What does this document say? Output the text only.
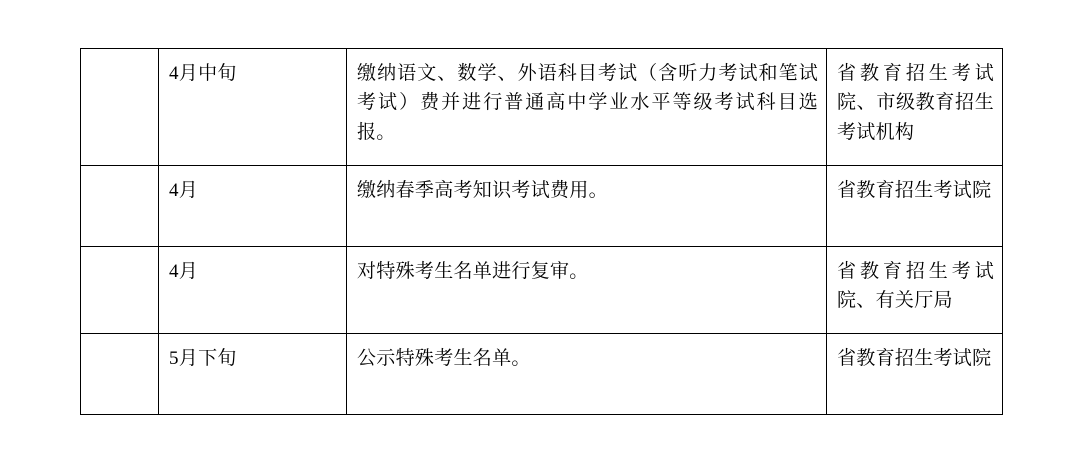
	4月中旬	缴纳语文、数学、外语科目考试（含听力考试和笔试考试）费并进行普通高中学业水平等级考试科目选报。	省教育招生考试院、市级教育招生考试机构
	4月	缴纳春季高考知识考试费用。	省教育招生考试院
	4月	对特殊考生名单进行复审。	省教育招生考试院、有关厅局
	5月下旬	公示特殊考生名单。	省教育招生考试院
